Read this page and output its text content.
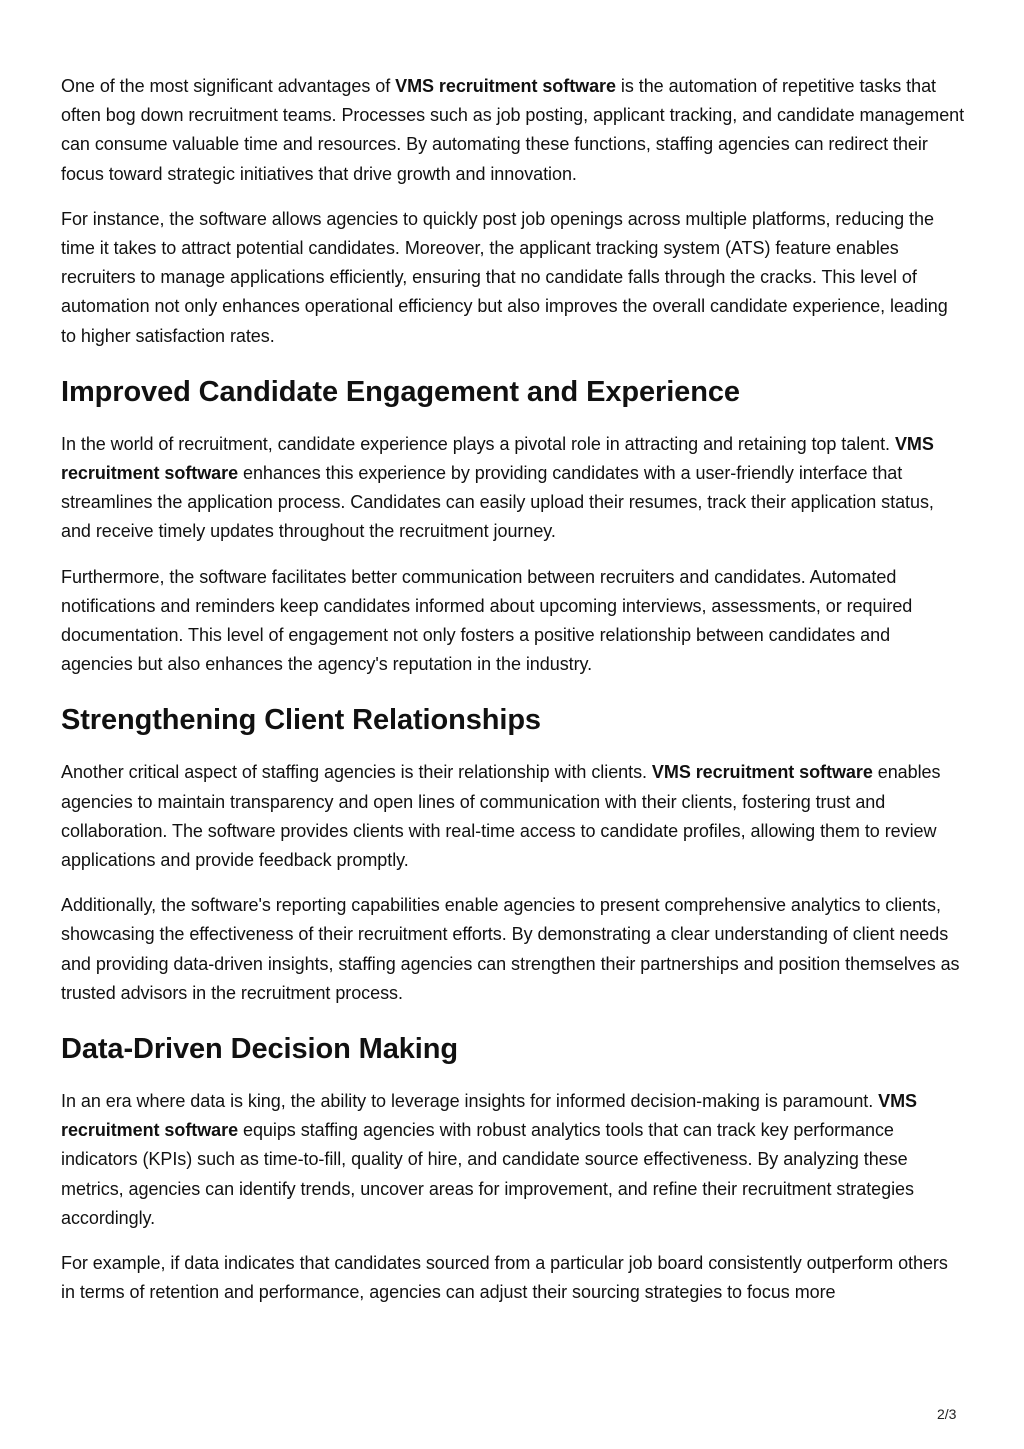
One of the most significant advantages of VMS recruitment software is the automation of repetitive tasks that often bog down recruitment teams. Processes such as job posting, applicant tracking, and candidate management can consume valuable time and resources. By automating these functions, staffing agencies can redirect their focus toward strategic initiatives that drive growth and innovation.

For instance, the software allows agencies to quickly post job openings across multiple platforms, reducing the time it takes to attract potential candidates. Moreover, the applicant tracking system (ATS) feature enables recruiters to manage applications efficiently, ensuring that no candidate falls through the cracks. This level of automation not only enhances operational efficiency but also improves the overall candidate experience, leading to higher satisfaction rates.

Improved Candidate Engagement and Experience

In the world of recruitment, candidate experience plays a pivotal role in attracting and retaining top talent. VMS recruitment software enhances this experience by providing candidates with a user-friendly interface that streamlines the application process. Candidates can easily upload their resumes, track their application status, and receive timely updates throughout the recruitment journey.

Furthermore, the software facilitates better communication between recruiters and candidates. Automated notifications and reminders keep candidates informed about upcoming interviews, assessments, or required documentation. This level of engagement not only fosters a positive relationship between candidates and agencies but also enhances the agency's reputation in the industry.

Strengthening Client Relationships

Another critical aspect of staffing agencies is their relationship with clients. VMS recruitment software enables agencies to maintain transparency and open lines of communication with their clients, fostering trust and collaboration. The software provides clients with real-time access to candidate profiles, allowing them to review applications and provide feedback promptly.

Additionally, the software's reporting capabilities enable agencies to present comprehensive analytics to clients, showcasing the effectiveness of their recruitment efforts. By demonstrating a clear understanding of client needs and providing data-driven insights, staffing agencies can strengthen their partnerships and position themselves as trusted advisors in the recruitment process.

Data-Driven Decision Making

In an era where data is king, the ability to leverage insights for informed decision-making is paramount. VMS recruitment software equips staffing agencies with robust analytics tools that can track key performance indicators (KPIs) such as time-to-fill, quality of hire, and candidate source effectiveness. By analyzing these metrics, agencies can identify trends, uncover areas for improvement, and refine their recruitment strategies accordingly.

For example, if data indicates that candidates sourced from a particular job board consistently outperform others in terms of retention and performance, agencies can adjust their sourcing strategies to focus more

2/3
